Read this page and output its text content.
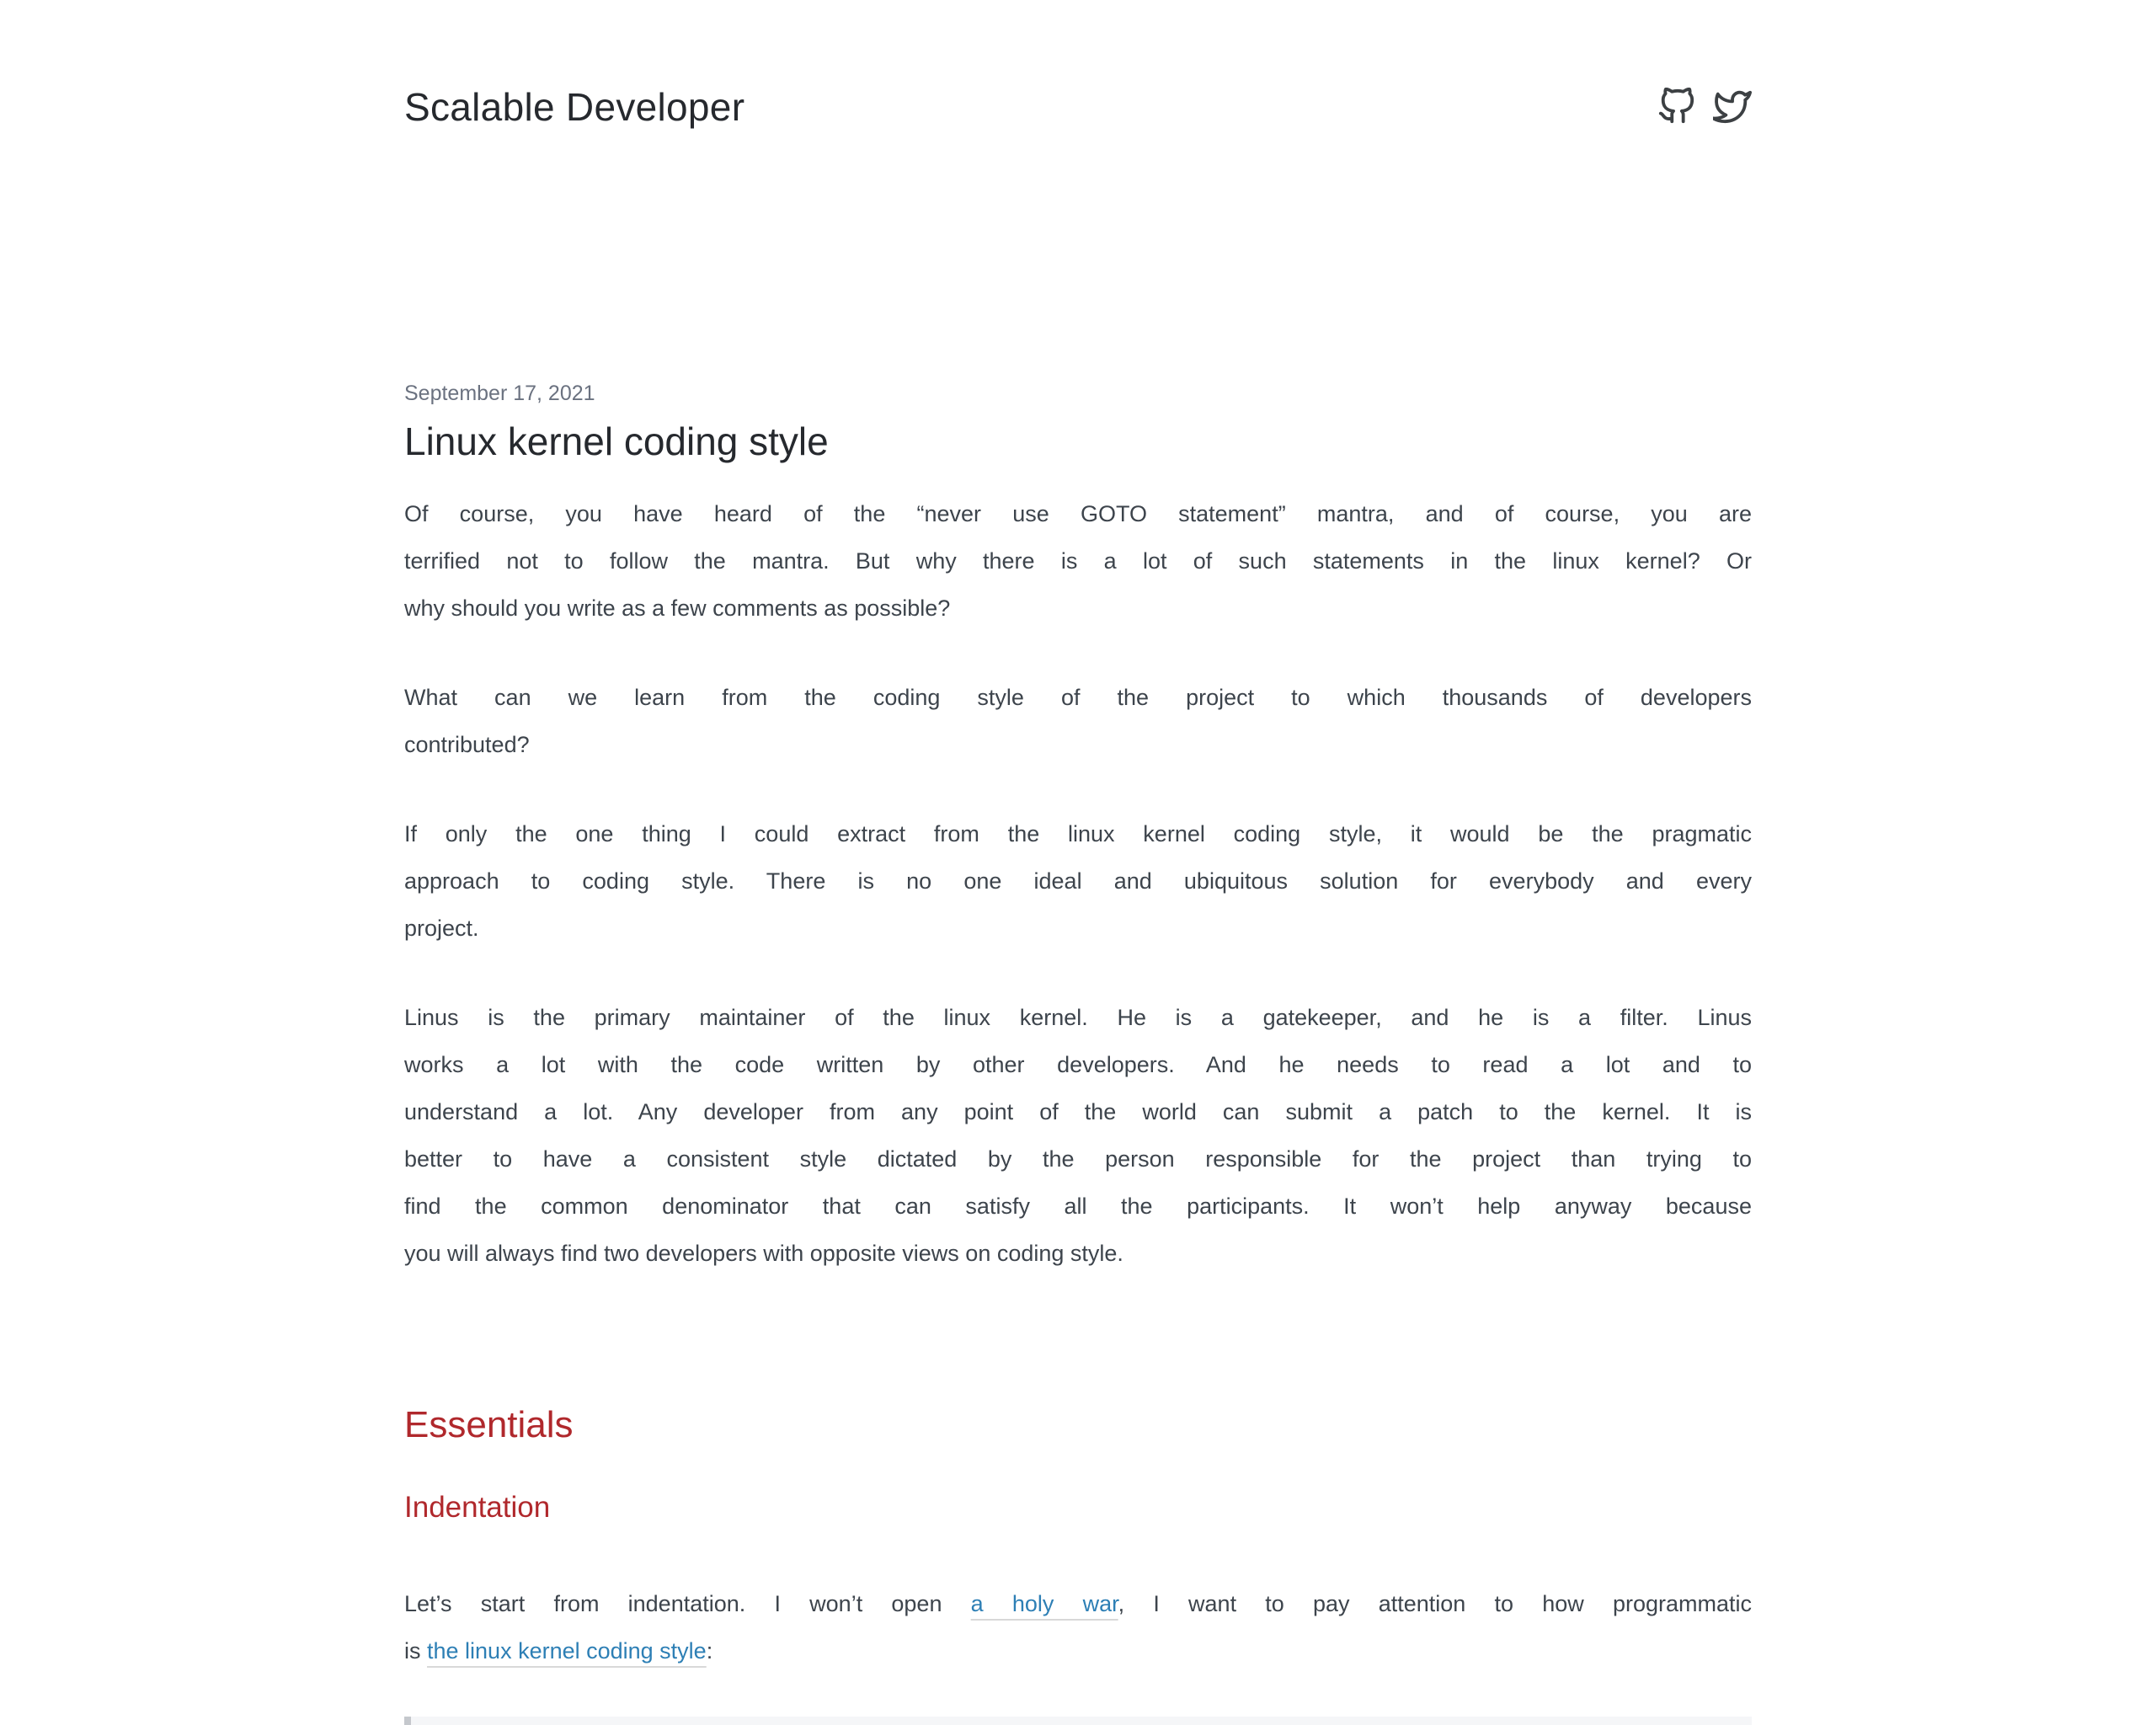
Scalable Developer
September 17, 2021
Linux kernel coding style
Of course, you have heard of the “never use GOTO statement” mantra, and of course, you are
terrified not to follow the mantra. But why there is a lot of such statements in the linux kernel? Or
why should you write as a few comments as possible?
What can we learn from the coding style of the project to which thousands of developers
contributed?
If only the one thing I could extract from the linux kernel coding style, it would be the pragmatic
approach to coding style. There is no one ideal and ubiquitous solution for everybody and every
project.
Linus is the primary maintainer of the linux kernel. He is a gatekeeper, and he is a filter. Linus
works a lot with the code written by other developers. And he needs to read a lot and to
understand a lot. Any developer from any point of the world can submit a patch to the kernel. It is
better to have a consistent style dictated by the person responsible for the project than trying to
find the common denominator that can satisfy all the participants. It won’t help anyway because
you will always find two developers with opposite views on coding style.
Essentials
Indentation
Let’s start from indentation. I won’t open a holy war, I want to pay attention to how programmatic
is the linux kernel coding style:
